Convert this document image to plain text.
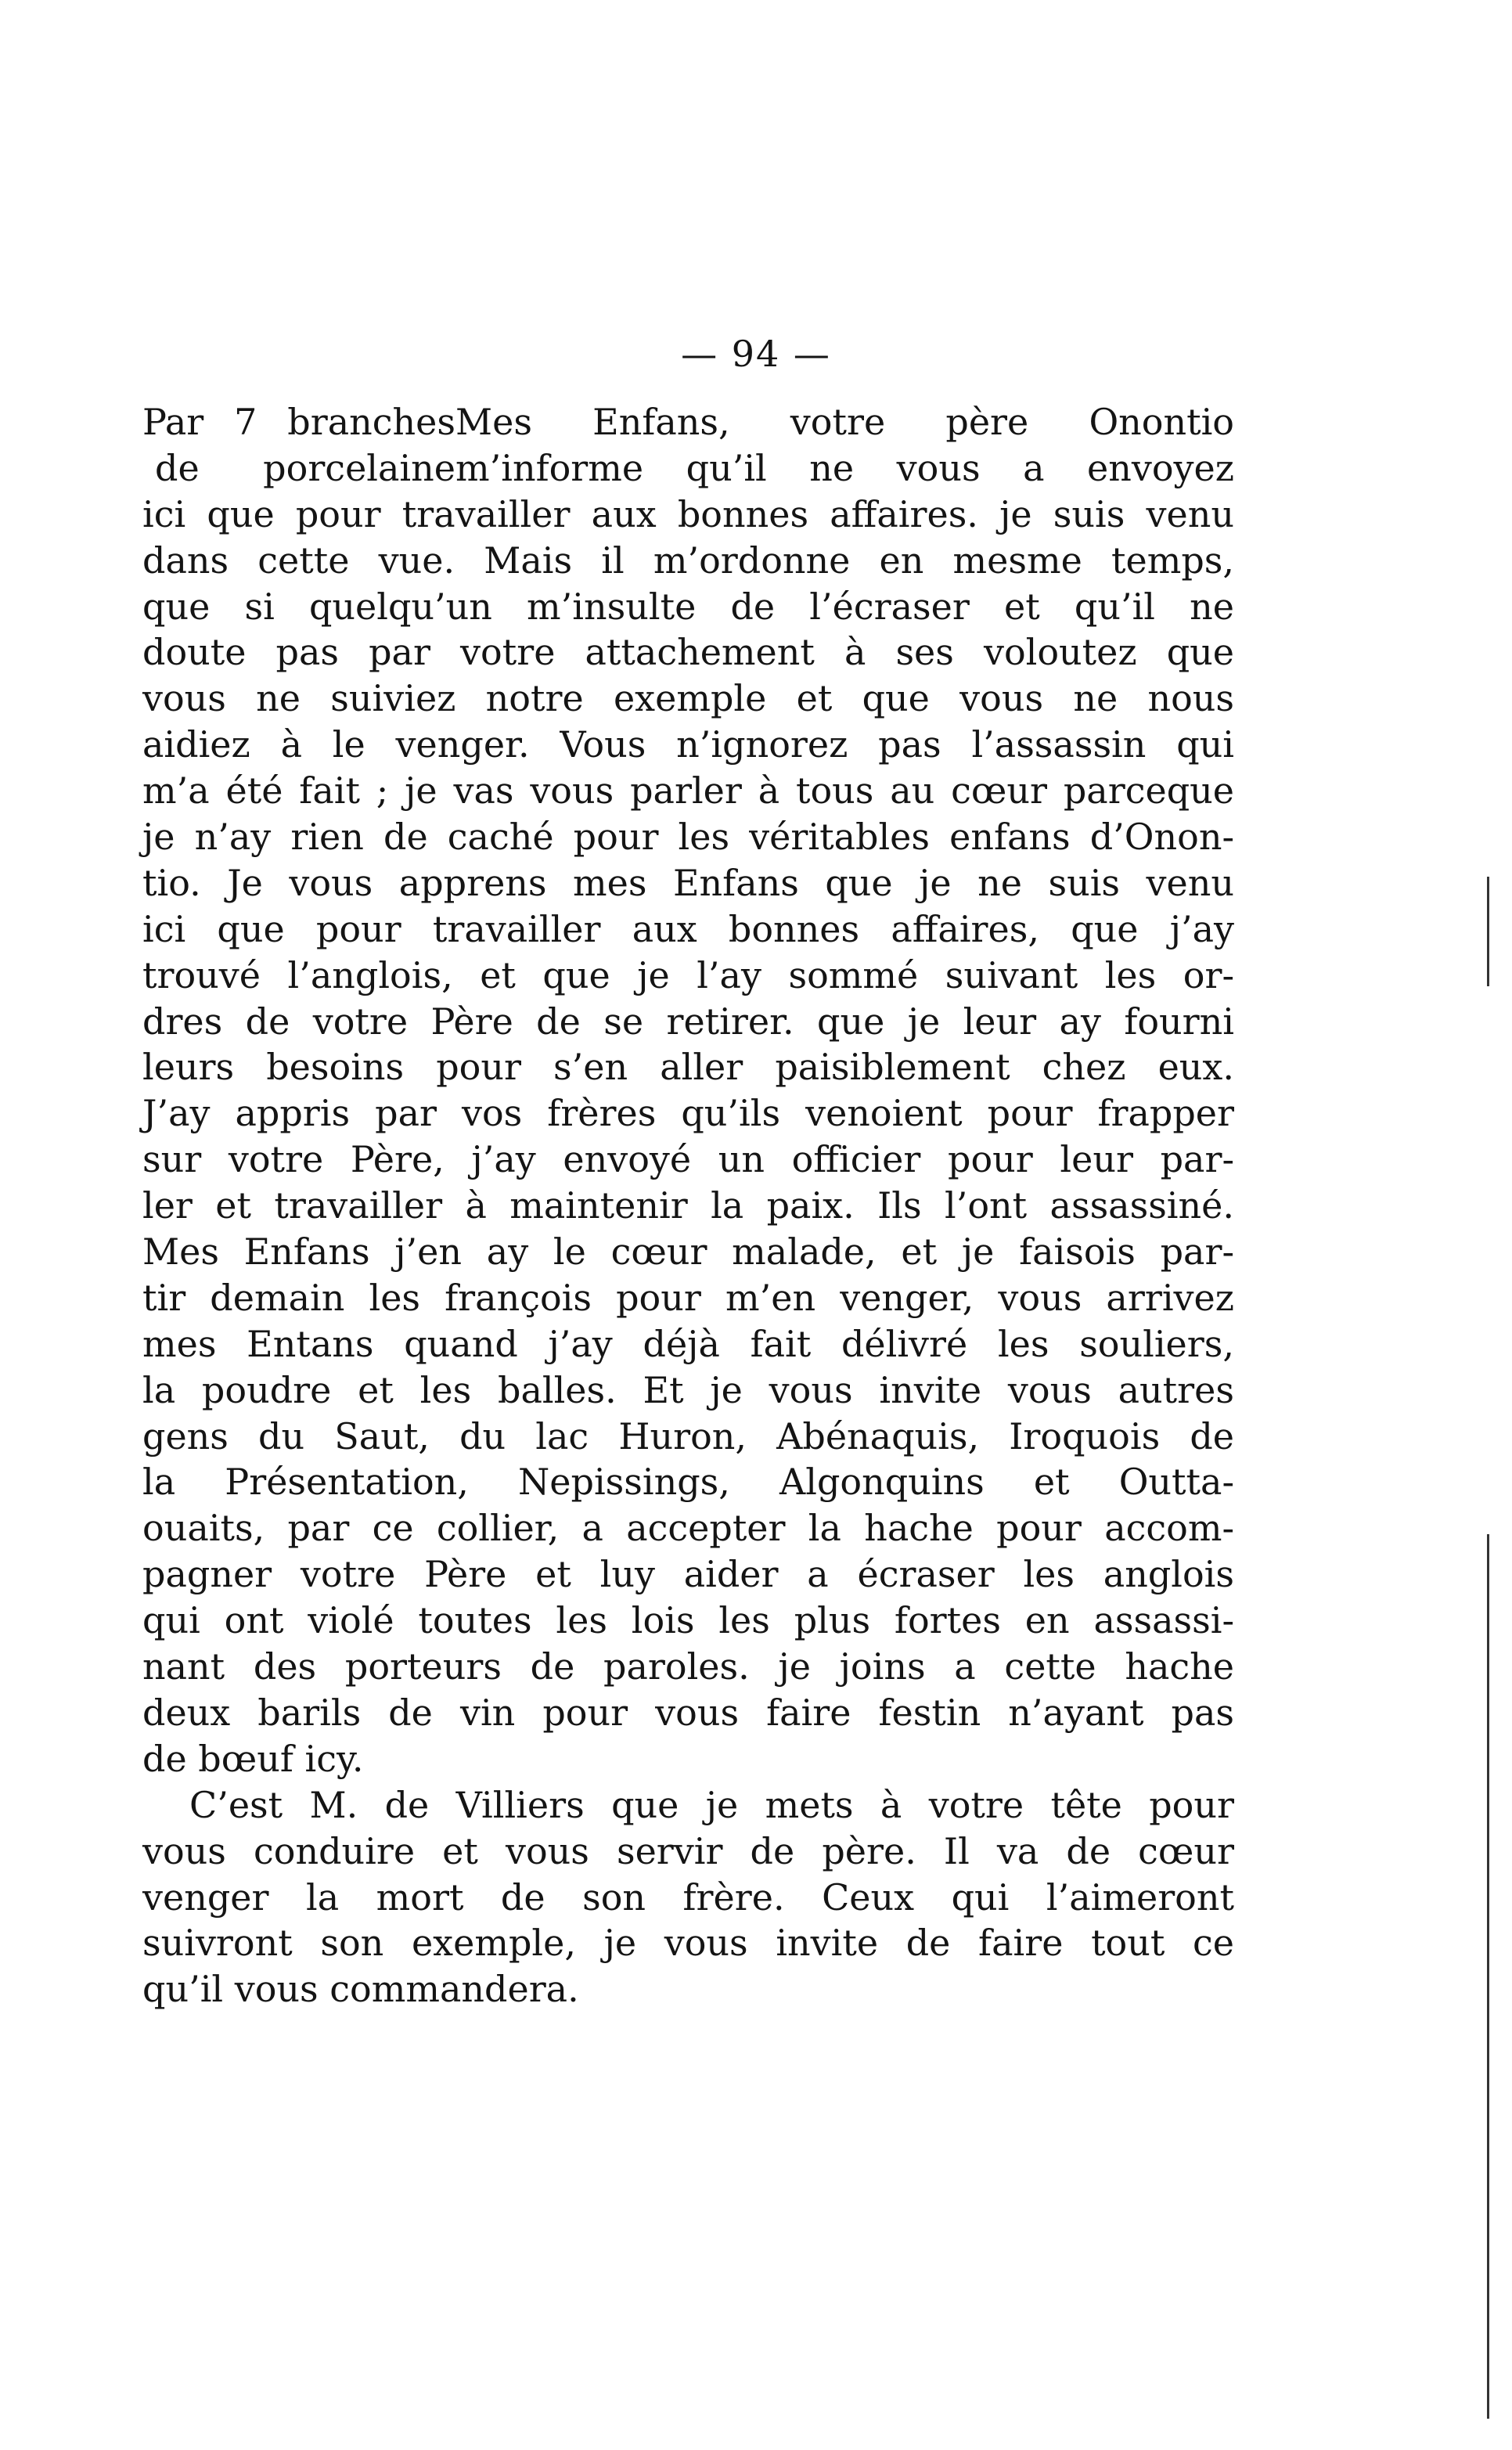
— 94 —
Par 7 branchesMes Enfans, votre père Onontio
de porcelainem’informe qu’il ne vous a envoyez
ici que pour travailler aux bonnes affaires. je suis venu
dans cette vue. Mais il m’ordonne en mesme temps,
que si quelqu’un m’insulte de l’écraser et qu’il ne
doute pas par votre attachement à ses voloutez que
vous ne suiviez notre exemple et que vous ne nous
aidiez à le venger. Vous n’ignorez pas l’assassin qui
m’a été fait ; je vas vous parler à tous au cœur parceque
je n’ay rien de caché pour les véritables enfans d’Onon-
tio. Je vous apprens mes Enfans que je ne suis venu
ici que pour travailler aux bonnes affaires, que j’ay
trouvé l’anglois, et que je l’ay sommé suivant les or-
dres de votre Père de se retirer. que je leur ay fourni
leurs besoins pour s’en aller paisiblement chez eux.
J’ay appris par vos frères qu’ils venoient pour frapper
sur votre Père, j’ay envoyé un officier pour leur par-
ler et travailler à maintenir la paix. Ils l’ont assassiné.
Mes Enfans j’en ay le cœur malade, et je faisois par-
tir demain les françois pour m’en venger, vous arrivez
mes Entans quand j’ay déjà fait délivré les souliers,
la poudre et les balles. Et je vous invite vous autres
gens du Saut, du lac Huron, Abénaquis, Iroquois de
la Présentation, Nepissings, Algonquins et Outta-
ouaits, par ce collier, a accepter la hache pour accom-
pagner votre Père et luy aider a écraser les anglois
qui ont violé toutes les lois les plus fortes en assassi-
nant des porteurs de paroles. je joins a cette hache
deux barils de vin pour vous faire festin n’ayant pas
de bœuf icy.
C’est M. de Villiers que je mets à votre tête pour
vous conduire et vous servir de père. Il va de cœur
venger la mort de son frère. Ceux qui l’aimeront
suivront son exemple, je vous invite de faire tout ce
qu’il vous commandera.
